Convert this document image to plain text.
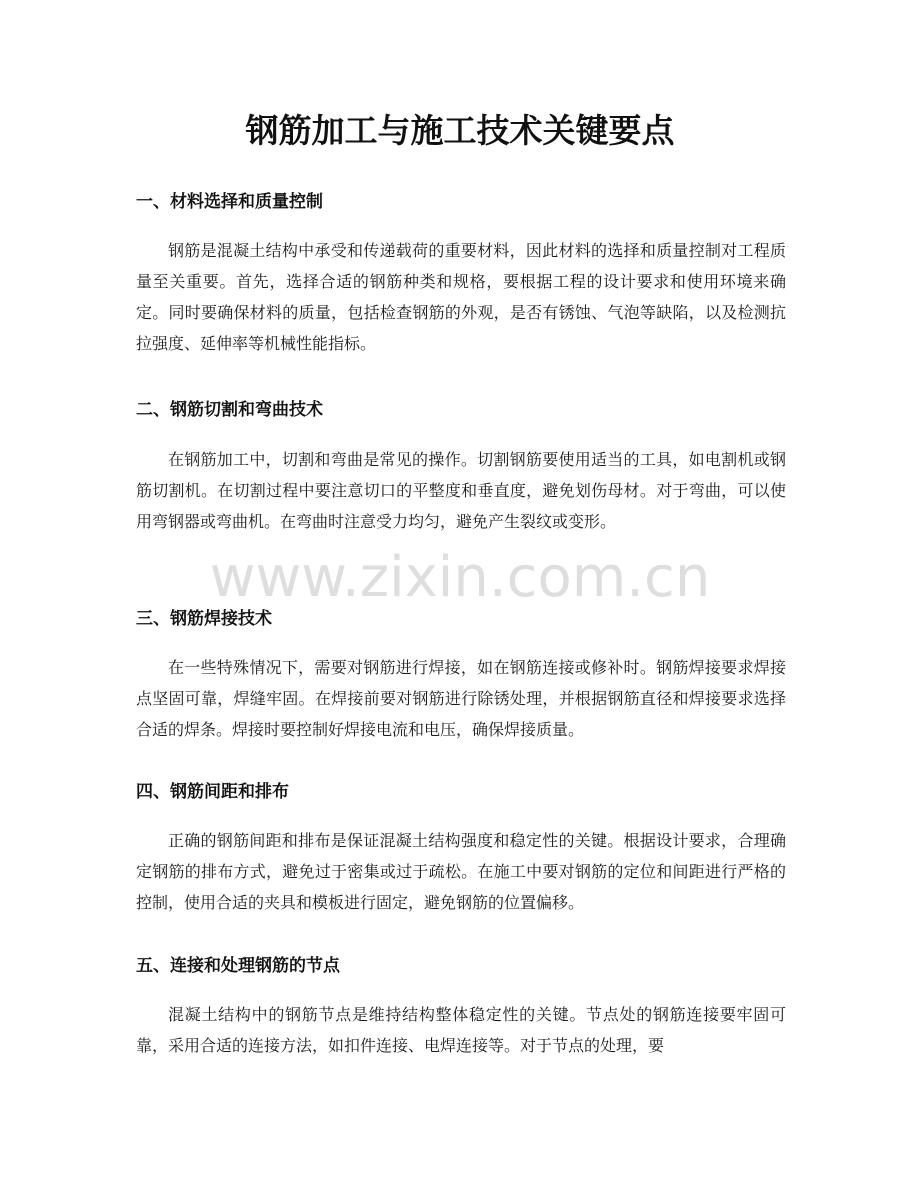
钢筋加工与施工技术关键要点
一、材料选择和质量控制

钢筋是混凝土结构中承受和传递载荷的重要材料，因此材料的选择和质量控制对工程质量至关重要。首先，选择合适的钢筋种类和规格，要根据工程的设计要求和使用环境来确定。同时要确保材料的质量，包括检查钢筋的外观，是否有锈蚀、气泡等缺陷，以及检测抗拉强度、延伸率等机械性能指标。

二、钢筋切割和弯曲技术

在钢筋加工中，切割和弯曲是常见的操作。切割钢筋要使用适当的工具，如电割机或钢筋切割机。在切割过程中要注意切口的平整度和垂直度，避免划伤母材。对于弯曲，可以使用弯钢器或弯曲机。在弯曲时注意受力均匀，避免产生裂纹或变形。

三、钢筋焊接技术

在一些特殊情况下，需要对钢筋进行焊接，如在钢筋连接或修补时。钢筋焊接要求焊接点坚固可靠，焊缝牢固。在焊接前要对钢筋进行除锈处理，并根据钢筋直径和焊接要求选择合适的焊条。焊接时要控制好焊接电流和电压，确保焊接质量。

四、钢筋间距和排布

正确的钢筋间距和排布是保证混凝土结构强度和稳定性的关键。根据设计要求，合理确定钢筋的排布方式，避免过于密集或过于疏松。在施工中要对钢筋的定位和间距进行严格的控制，使用合适的夹具和模板进行固定，避免钢筋的位置偏移。

五、连接和处理钢筋的节点

混凝土结构中的钢筋节点是维持结构整体稳定性的关键。节点处的钢筋连接要牢固可靠，采用合适的连接方法，如扣件连接、电焊连接等。对于节点的处理，要

www.zixin.com.cn
